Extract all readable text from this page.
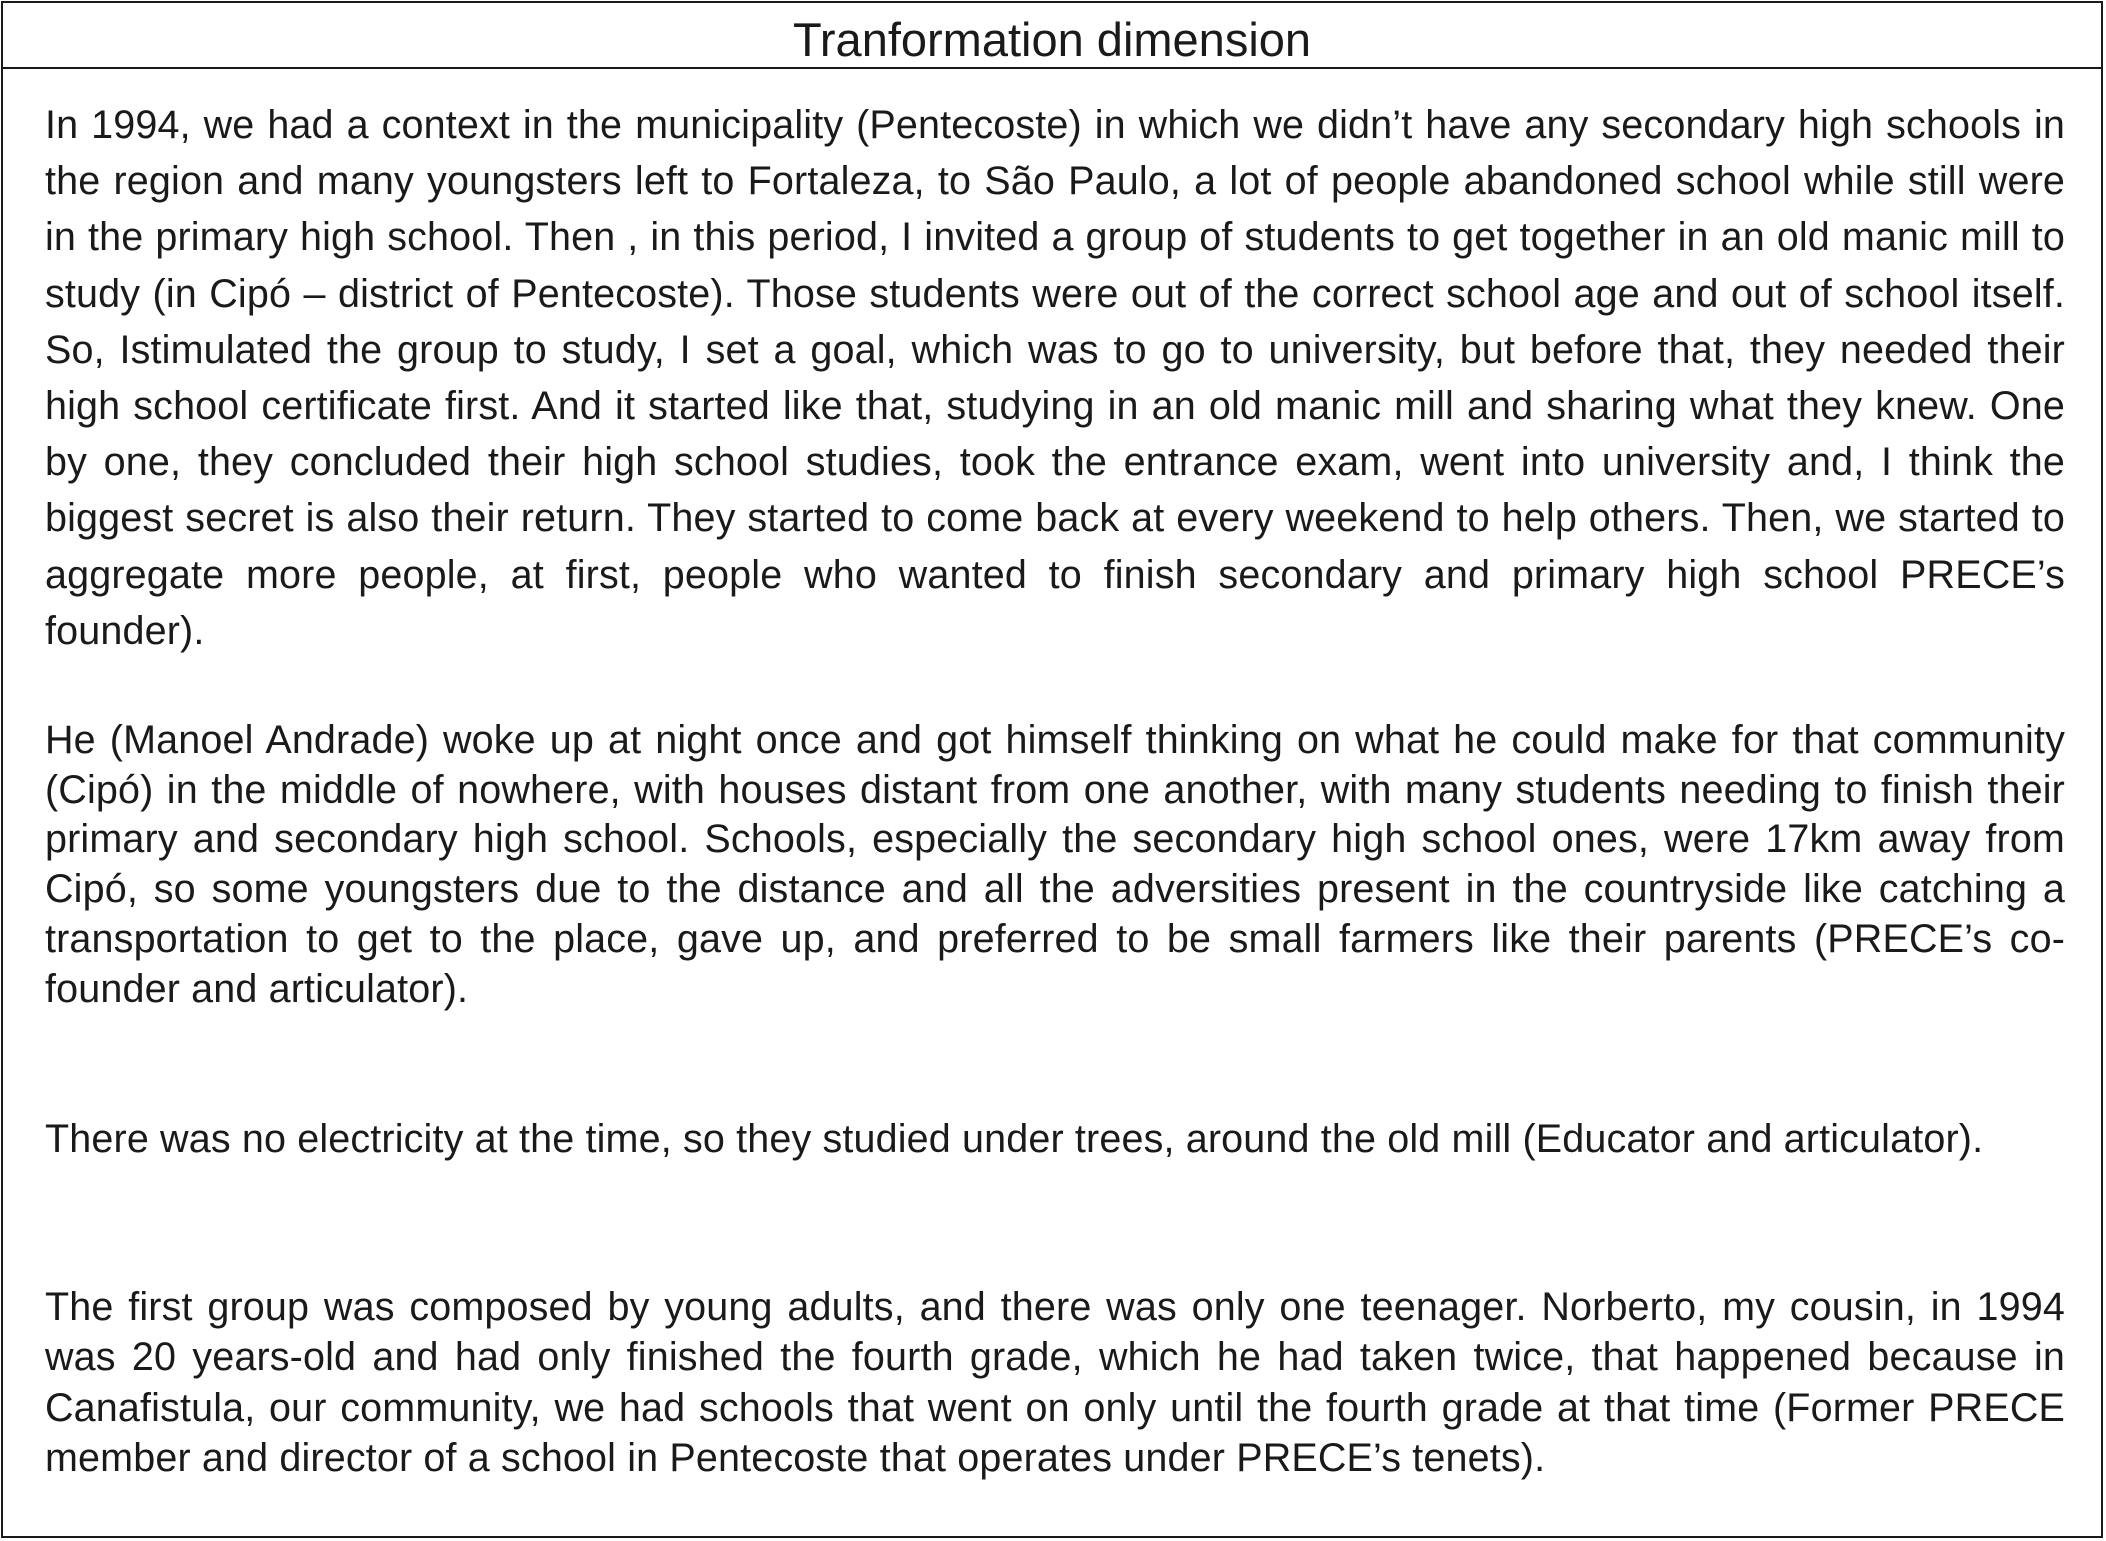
Tranformation dimension

In 1994, we had a context in the municipality (Pentecoste) in which we didn’t have any secondary high schools in the region and many youngsters left to Fortaleza, to São Paulo, a lot of people abandoned school while still were in the primary high school. Then , in this period, I invited a group of students to get together in an old manic mill to study (in Cipó – district of Pentecoste). Those students were out of the correct school age and out of school itself. So, Istimulated the group to study, I set a goal, which was to go to university, but before that, they needed their high school certificate first. And it started like that, studying in an old manic mill and sharing what they knew. One by one, they concluded their high school studies, took the entrance exam, went into university and, I think the biggest secret is also their return. They started to come back at every weekend to help others. Then, we started to aggregate more people, at first, people who wanted to finish secondary and primary high school PRECE’s founder).

He (Manoel Andrade) woke up at night once and got himself thinking on what he could make for that community (Cipó) in the middle of nowhere, with houses distant from one another, with many students needing to finish their primary and secondary high school. Schools, especially the secondary high school ones, were 17km away from Cipó, so some youngsters due to the distance and all the adversities present in the countryside like catching a transportation to get to the place, gave up, and preferred to be small farmers like their parents (PRECE’s co-founder and articulator).

There was no electricity at the time, so they studied under trees, around the old mill (Educator and articulator).

The first group was composed by young adults, and there was only one teenager. Norberto, my cousin, in 1994 was 20 years-old and had only finished the fourth grade, which he had taken twice, that happened because in Canafistula, our community, we had schools that went on only until the fourth grade at that time (Former PRECE member and director of a school in Pentecoste that operates under PRECE’s tenets).
